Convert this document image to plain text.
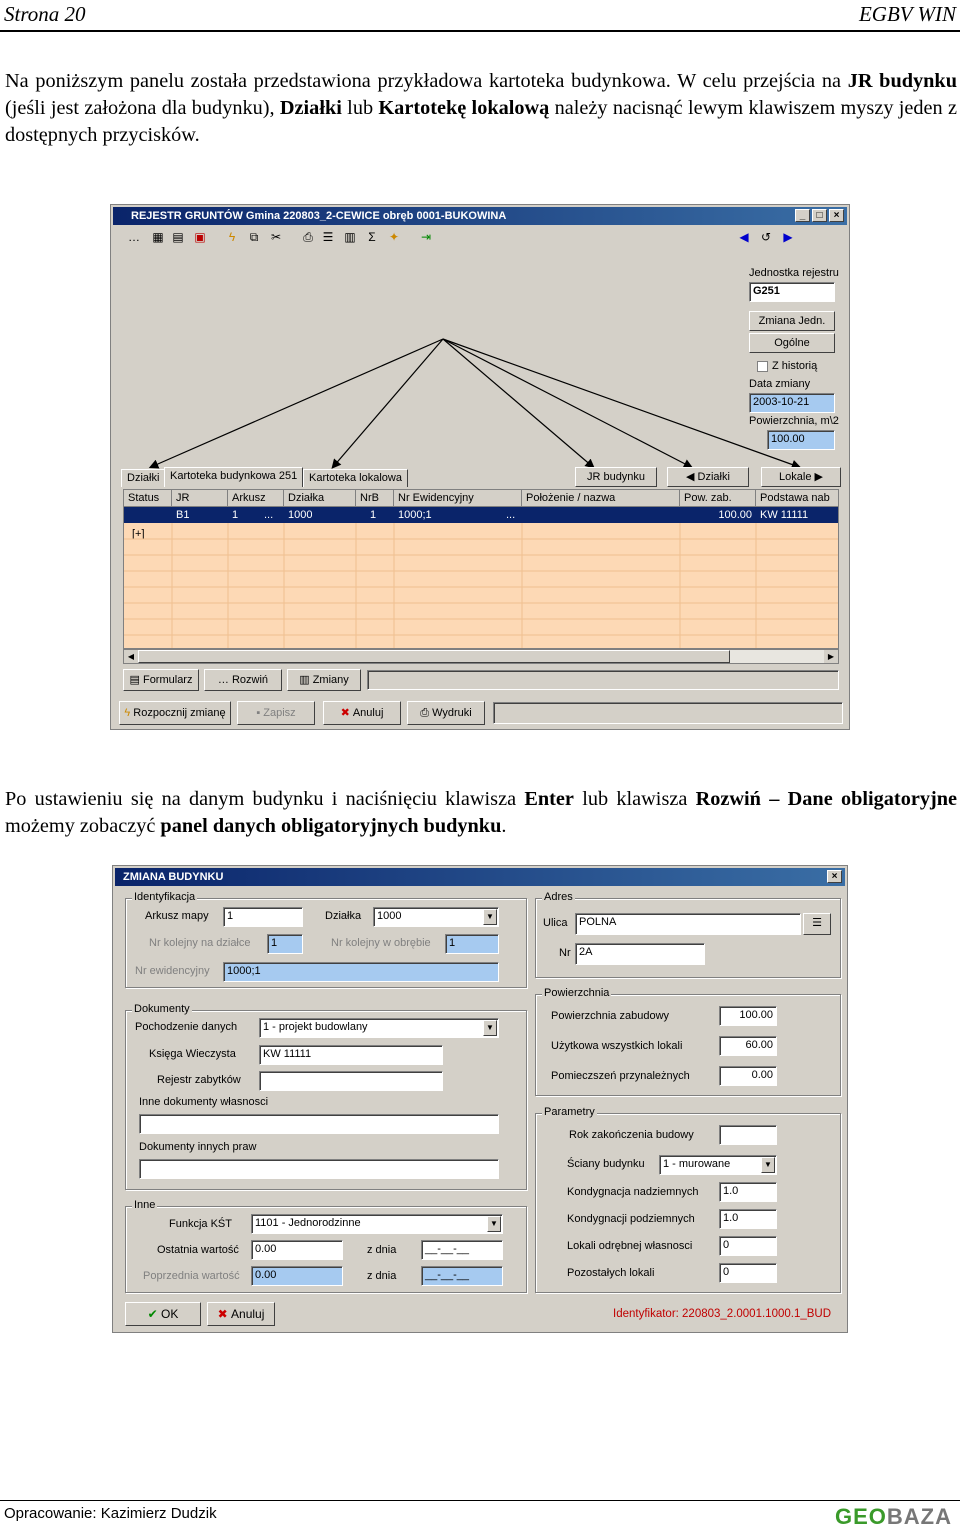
Strona 20	EGBV WIN
Na poniższym panelu została przedstawiona przykładowa kartoteka budynkowa. W celu przejścia na JR budynku (jeśli jest założona dla budynku), Działki lub Kartotekę lokalową należy nacisnąć lewym klawiszem myszy jeden z dostępnych przycisków.
REJESTR GRUNTÓW Gmina 220803_2-CEWICE obręb 0001-BUKOWINA	_	□	×
… ▦ ▤ ▣	ϟ	⧉	✂	⎙ ☰ ▥	Σ	✦	⇥	◀	↺	▶
Jednostka rejestru
G251
Zmiana Jedn.
Ogólne
Z historią
Data zmiany
2003-10-21
Powierzchnia, m\2
100.00
Działki Kartoteka budynkowa 251	Kartoteka lokalowa	JR budynku	◀ Działki	Lokale ▶
Status	JR	Arkusz	Działka	NrB	Nr Ewidencyjny	Położenie / nazwa	Pow. zab.	Podstawa nab
B1	1	...	1000	1	1000;1	...	100.00 KW 11111
[+]
◀	▶
▤ Formularz	… Rozwiń	▥ Zmiany
ϟ Rozpocznij zmianę	▪ Zapisz	✖ Anuluj	⎙ Wydruki
Po ustawieniu się na danym budynku i naciśnięciu klawisza Enter lub klawisza Rozwiń – Dane obligatoryjne możemy zobaczyć panel danych obligatoryjnych budynku.
ZMIANA BUDYNKU	×
Identyfikacja
Arkusz mapy	1	Działka	1000	▼
Nr kolejny na działce	1	Nr kolejny w obrębie	1
Nr ewidencyjny	1000;1
Adres
Ulica	POLNA	☰
Nr 2A
Dokumenty
Pochodzenie danych	1 - projekt budowlany	▼
Księga Wieczysta	KW 11111
Rejestr zabytków
Inne dokumenty własnosci
Dokumenty innych praw
Powierzchnia
Powierzchnia zabudowy	100.00
Użytkowa wszystkich lokali	60.00
Pomieczszeń przynależnych	0.00
Parametry
Rok zakończenia budowy
Ściany budynku	1 - murowane	▼
Kondygnacja nadziemnych	1.0
Kondygnacji podziemnych	1.0
Lokali odrębnej własnosci	0
Pozostałych lokali	0
Inne
Funkcja KŚT	1101 - Jednorodzinne	▼
Ostatnia wartość	0.00	z dnia	__-__-__
Poprzednia wartość	0.00	z dnia	__-__-__
✔ OK	✖ Anuluj	Identyfikator: 220803_2.0001.1000.1_BUD
Opracowanie: Kazimierz Dudzik	GEOBAZA
